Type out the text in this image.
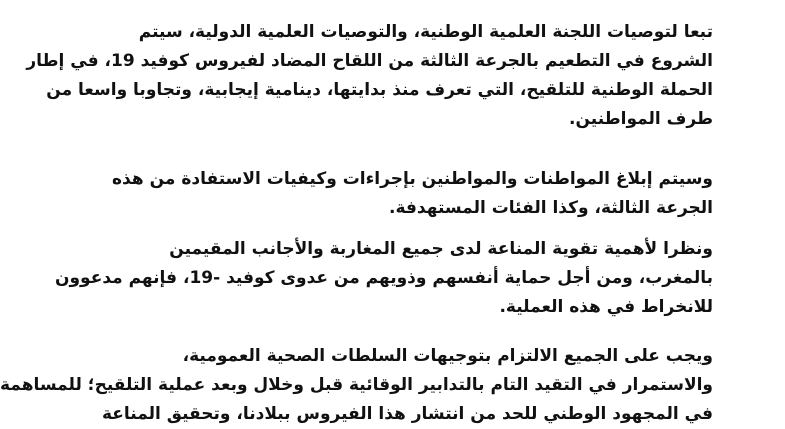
تبعا لتوصيات اللجنة العلمية الوطنية، والتوصيات العلمية الدولية، سيتم
الشروع في التطعيم بالجرعة الثالثة من اللقاح المضاد لفيروس كوفيد 19، في إطار
الحملة الوطنية للتلقيح، التي تعرف منذ بدايتها، دينامية إيجابية، وتجاوبا واسعا من
طرف المواطنين.

وسيتم إبلاغ المواطنات والمواطنين بإجراءات وكيفيات الاستفادة من هذه
الجرعة الثالثة، وكذا الفئات المستهدفة.

ونظرا لأهمية تقوية المناعة لدى جميع المغاربة والأجانب المقيمين
بالمغرب، ومن أجل حماية أنفسهم وذويهم من عدوى كوفيد -19، فإنهم مدعوون
للانخراط في هذه العملية.

ويجب على الجميع الالتزام بتوجيهات السلطات الصحية العمومية،
والاستمرار في التقيد التام بالتدابير الوقائية قبل وخلال وبعد عملية التلقيح؛ للمساهمة
في المجهود الوطني للحد من انتشار هذا الفيروس ببلادنا، وتحقيق المناعة
